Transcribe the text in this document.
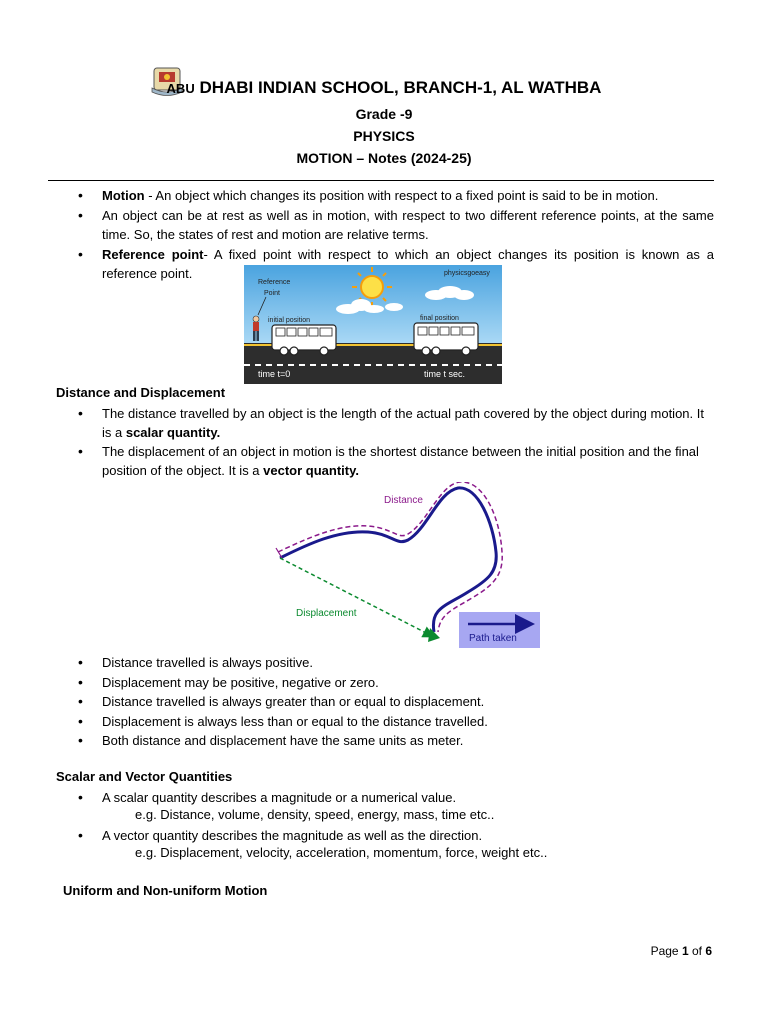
ABU DHABI INDIAN SCHOOL, BRANCH-1, AL WATHBA
Grade -9
PHYSICS
MOTION – Notes (2024-25)

• Motion - An object which changes its position with respect to a fixed point is said to be in motion.

• An object can be at rest as well as in motion, with respect to two different reference points, at the same time. So, the states of rest and motion are relative terms.

• Reference point- A fixed point with respect to which an object changes its position is known as a reference point.	physicsgoeasy
Reference
Point
initial position	final position
time t=0	time t sec.
Distance and Displacement

• The distance travelled by an object is the length of the actual path covered by the object during motion. It is a scalar quantity.

• The displacement of an object in motion is the shortest distance between the initial position and the final position of the object. It is a vector quantity.

Distance
Displacement
Path taken

• Distance travelled is always positive.

• Displacement may be positive, negative or zero.

• Distance travelled is always greater than or equal to displacement.

• Displacement is always less than or equal to the distance travelled.

• Both distance and displacement have the same units as meter.

Scalar and Vector Quantities

• A scalar quantity describes a magnitude or a numerical value.

e.g. Distance, volume, density, speed, energy, mass, time etc..

• A vector quantity describes the magnitude as well as the direction.

e.g. Displacement, velocity, acceleration, momentum, force, weight etc..
Uniform and Non-uniform Motion
Page 1 of 6
